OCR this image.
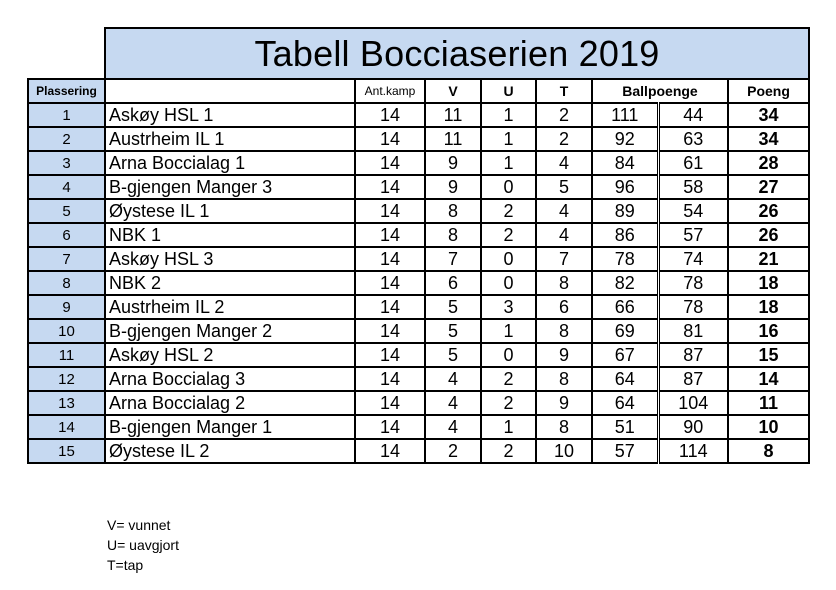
	Tabell Bocciaserien 2019							
Plassering		Ant.kamp	V	U	T	Ballpoenge		Poeng
1	Askøy HSL 1	14	11	1	2	111	44	34
2	Austrheim IL 1	14	11	1	2	92	63	34
3	Arna Boccialag 1	14	9	1	4	84	61	28
4	B-gjengen Manger 3	14	9	0	5	96	58	27
5	Øystese IL 1	14	8	2	4	89	54	26
6	NBK 1	14	8	2	4	86	57	26
7	Askøy HSL 3	14	7	0	7	78	74	21
8	NBK 2	14	6	0	8	82	78	18
9	Austrheim IL 2	14	5	3	6	66	78	18
10	B-gjengen Manger 2	14	5	1	8	69	81	16
11	Askøy HSL 2	14	5	0	9	67	87	15
12	Arna Boccialag 3	14	4	2	8	64	87	14
13	Arna Boccialag 2	14	4	2	9	64	104	11
14	B-gjengen Manger 1	14	4	1	8	51	90	10
15	Øystese IL 2	14	2	2	10	57	114	8
V= vunnet
U= uavgjort
T=tap
